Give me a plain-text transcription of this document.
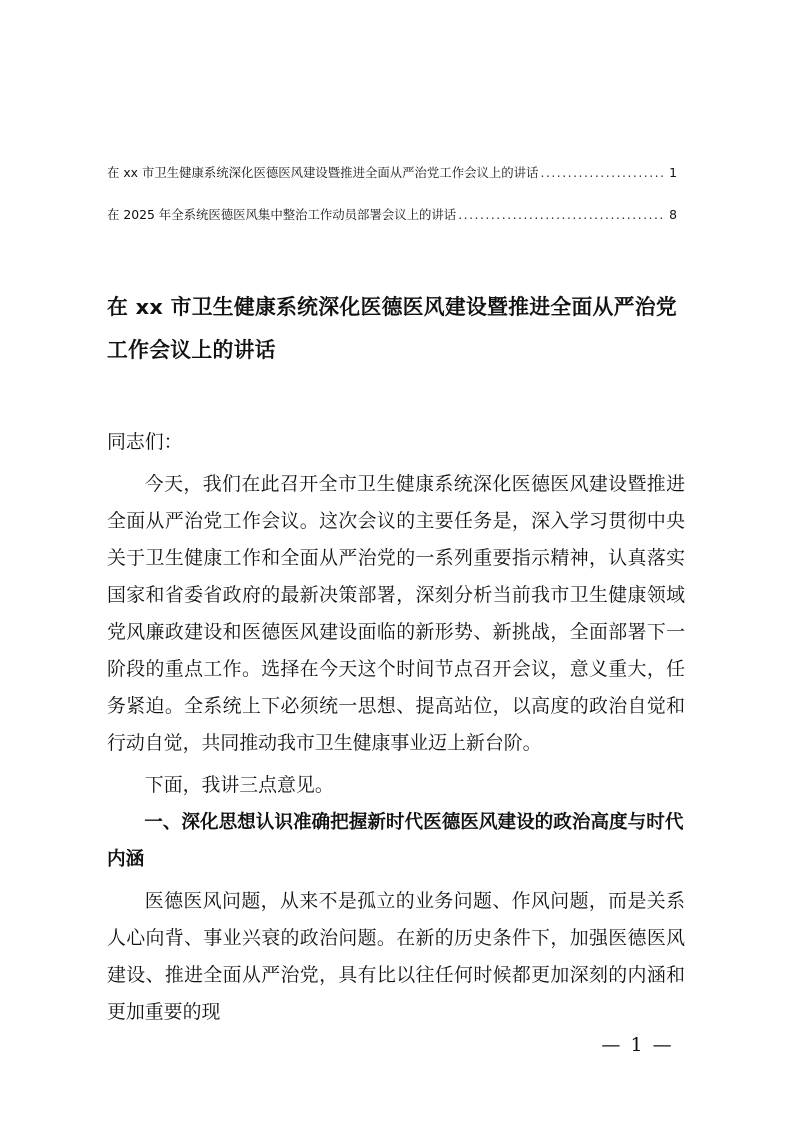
在 xx 市卫生健康系统深化医德医风建设暨推进全面从严治党工作会议上的讲话 .....	1
在 2025 年全系统医德医风集中整治工作动员部署会议上的讲话 .....	8
在 xx 市卫生健康系统深化医德医风建设暨推进全面从严治党工作会议上的讲话

同志们：

今天，我们在此召开全市卫生健康系统深化医德医风建设暨推进全面从严治党工作会议。这次会议的主要任务是，深入学习贯彻中央关于卫生健康工作和全面从严治党的一系列重要指示精神，认真落实国家和省委省政府的最新决策部署，深刻分析当前我市卫生健康领域党风廉政建设和医德医风建设面临的新形势、新挑战，全面部署下一阶段的重点工作。选择在今天这个时间节点召开会议，意义重大，任务紧迫。全系统上下必须统一思想、提高站位，以高度的政治自觉和行动自觉，共同推动我市卫生健康事业迈上新台阶。

下面，我讲三点意见。

一、深化思想认识准确把握新时代医德医风建设的政治高度与时代内涵

医德医风问题，从来不是孤立的业务问题、作风问题，而是关系人心向背、事业兴衰的政治问题。在新的历史条件下，加强医德医风建设、推进全面从严治党，具有比以往任何时候都更加深刻的内涵和更加重要的现

— 1 —
